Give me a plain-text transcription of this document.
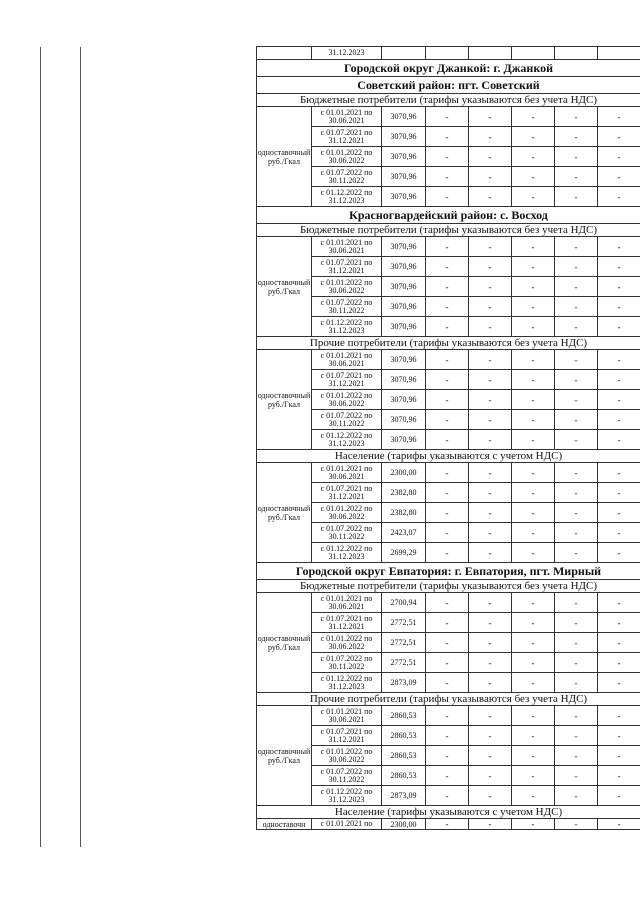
	31.12.2023						
Городской округ Джанкой: г. Джанкой							
Советский район: пгт. Советский							
Бюджетные потребители (тарифы указываются без учета НДС)							
одноставочный руб./Гкал	с 01.01.2021 по 30.06.2021	3070,96	-	-	-	-	-
	с 01.07.2021 по 31.12.2021	3070,96	-	-	-	-	-
	с 01.01.2022 по 30.06.2022	3070,96	-	-	-	-	-
	с 01.07.2022 по 30.11.2022	3070,96	-	-	-	-	-
	с 01.12.2022 по 31.12.2023	3070,96	-	-	-	-	-
Красногвардейский район: с. Восход							
Бюджетные потребители (тарифы указываются без учета НДС)							
одноставочный руб./Гкал	с 01.01.2021 по 30.06.2021	3070,96	-	-	-	-	-
	с 01.07.2021 по 31.12.2021	3070,96	-	-	-	-	-
	с 01.01.2022 по 30.06.2022	3070,96	-	-	-	-	-
	с 01.07.2022 по 30.11.2022	3070,96	-	-	-	-	-
	с 01.12.2022 по 31.12.2023	3070,96	-	-	-	-	-
Прочие потребители (тарифы указываются без учета НДС)							
одноставочный руб./Гкал	с 01.01.2021 по 30.06.2021	3070,96	-	-	-	-	-
	с 01.07.2021 по 31.12.2021	3070,96	-	-	-	-	-
	с 01.01.2022 по 30.06.2022	3070,96	-	-	-	-	-
	с 01.07.2022 по 30.11.2022	3070,96	-	-	-	-	-
	с 01.12.2022 по 31.12.2023	3070,96	-	-	-	-	-
Население (тарифы указываются с учетом НДС)							
одноставочный руб./Гкал	с 01.01.2021 по 30.06.2021	2300,00	-	-	-	-	-
	с 01.07.2021 по 31.12.2021	2382,80	-	-	-	-	-
	с 01.01.2022 по 30.06.2022	2382,80	-	-	-	-	-
	с 01.07.2022 по 30.11.2022	2423,07	-	-	-	-	-
	с 01.12.2022 по 31.12.2023	2699,29	-	-	-	-	-
Городской округ Евпатория: г. Евпатория, пгт. Мирный							
Бюджетные потребители (тарифы указываются без учета НДС)							
одноставочный руб./Гкал	с 01.01.2021 по 30.06.2021	2700,94	-	-	-	-	-
	с 01.07.2021 по 31.12.2021	2772,51	-	-	-	-	-
	с 01.01.2022 по 30.06.2022	2772,51	-	-	-	-	-
	с 01.07.2022 по 30.11.2022	2772,51	-	-	-	-	-
	с 01.12.2022 по 31.12.2023	2873,09	-	-	-	-	-
Прочие потребители (тарифы указываются без учета НДС)							
одноставочный руб./Гкал	с 01.01.2021 по 30.06.2021	2860,53	-	-	-	-	-
	с 01.07.2021 по 31.12.2021	2860,53	-	-	-	-	-
	с 01.01.2022 по 30.06.2022	2860,53	-	-	-	-	-
	с 01.07.2022 по 30.11.2022	2860,53	-	-	-	-	-
	с 01.12.2022 по 31.12.2023	2873,09	-	-	-	-	-
Население (тарифы указываются с учетом НДС)							
одноставочн	с 01.01.2021 по	2300,00	-	-	-	-	-
